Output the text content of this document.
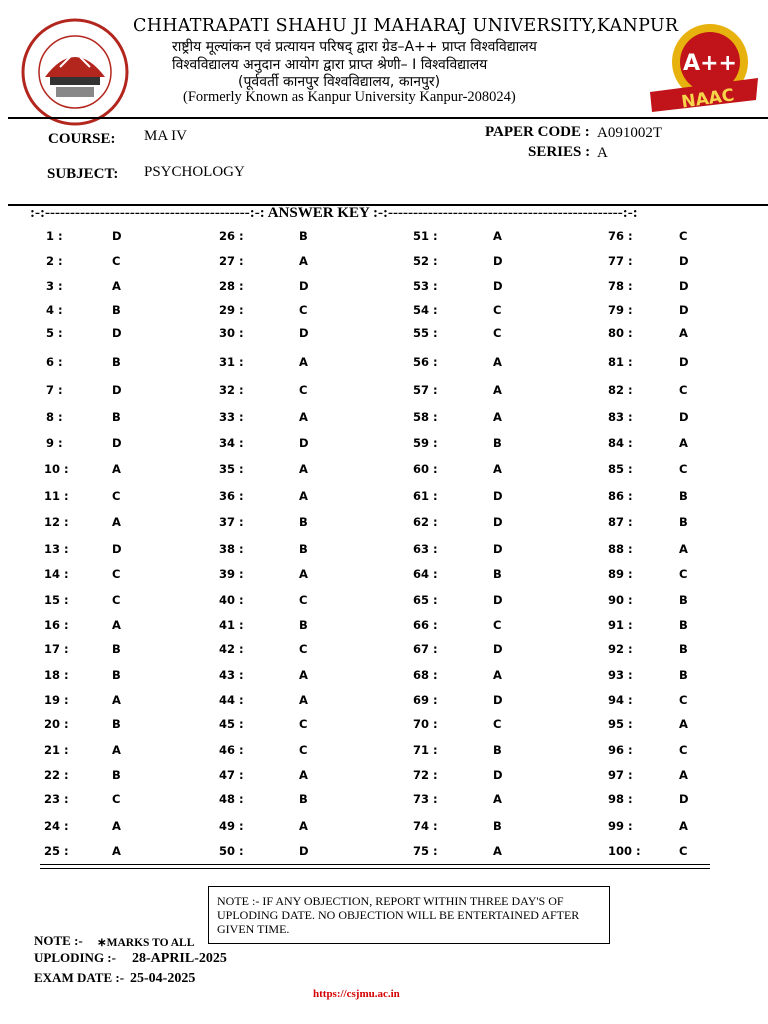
CHHATRAPATI SHAHU JI MAHARAJ UNIVERSITY,KANPUR
राष्ट्रीय मूल्यांकन एवं प्रत्यायन परिषद् द्वारा ग्रेड–A++ प्राप्त विश्वविद्यालय
विश्वविद्यालय अनुदान आयोग द्वारा प्राप्त श्रेणी– I विश्वविद्यालय
(पूर्ववर्ती कानपुर विश्वविद्यालय, कानपुर)
(Formerly Known as Kanpur University Kanpur-208024)
A++
NAAC
COURSE: MA IV
SUBJECT: PSYCHOLOGY
PAPER CODE : A091002T
SERIES : A
:-:-----------------------------------------:-: ANSWER KEY :-:-----------------------------------------------:-:
1 :	D
2 :	C
3 :	A
4 :	B
5 :	D
6 :	B
7 :	D
8 :	B
9 :	D
10 :	A
11 :	C
12 :	A
13 :	D
14 :	C
15 :	C
16 :	A
17 :	B
18 :	B
19 :	A
20 :	B
21 :	A
22 :	B
23 :	C
24 :	A
25 :	A
26 :	B
27 :	A
28 :	D
29 :	C
30 :	D
31 :	A
32 :	C
33 :	A
34 :	D
35 :	A
36 :	A
37 :	B
38 :	B
39 :	A
40 :	C
41 :	B
42 :	C
43 :	A
44 :	A
45 :	C
46 :	C
47 :	A
48 :	B
49 :	A
50 :	D
51 :	A
52 :	D
53 :	D
54 :	C
55 :	C
56 :	A
57 :	A
58 :	A
59 :	B
60 :	A
61 :	D
62 :	D
63 :	D
64 :	B
65 :	D
66 :	C
67 :	D
68 :	A
69 :	D
70 :	C
71 :	B
72 :	D
73 :	A
74 :	B
75 :	A
76 :	C
77 :	D
78 :	D
79 :	D
80 :	A
81 :	D
82 :	C
83 :	D
84 :	A
85 :	C
86 :	B
87 :	B
88 :	A
89 :	C
90 :	B
91 :	B
92 :	B
93 :	B
94 :	C
95 :	A
96 :	C
97 :	A
98 :	D
99 :	A
100 :	C
NOTE :- IF ANY OBJECTION, REPORT WITHIN THREE DAY'S OF UPLODING DATE. NO OBJECTION WILL BE ENTERTAINED AFTER GIVEN TIME.
NOTE :- ∗MARKS TO ALL
UPLODING :- 28-APRIL-2025
EXAM DATE :- 25-04-2025
https://csjmu.ac.in
